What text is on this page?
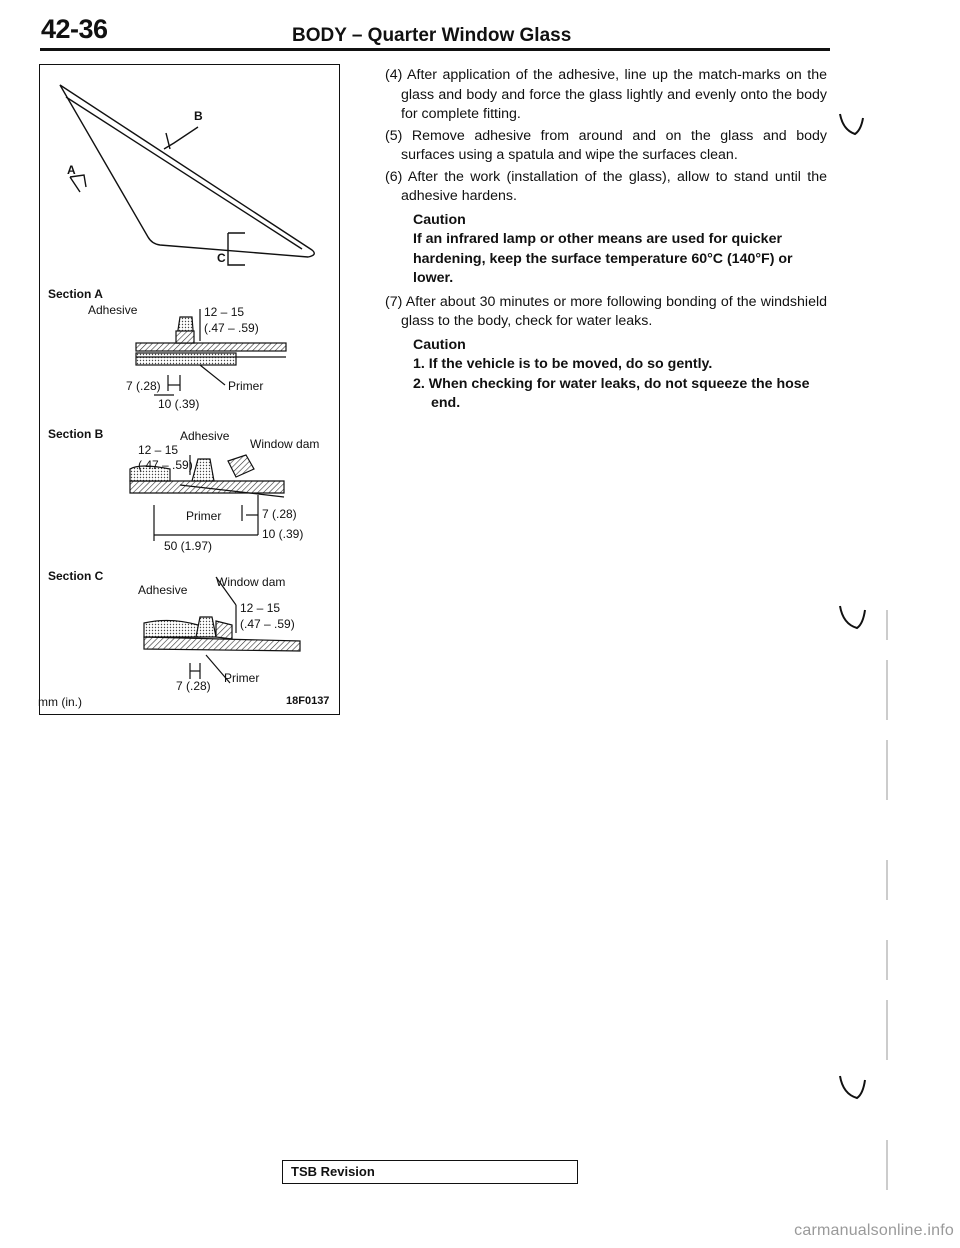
42-36	BODY – Quarter Window Glass
B
A
C
Section A
Adhesive	12 – 15
(.47 – .59)
7 (.28)	Primer
10 (.39)
Section B	Adhesive
Window dam
12 – 15
(.47 – .59)
Primer	7 (.28)
10 (.39)
50 (1.97)
Section C	Window dam
Adhesive
12 – 15
(.47 – .59)
7 (.28)
Primer
mm (in.)	18F0137

(4) After application of the adhesive, line up the match-marks on the glass and body and force the glass lightly and evenly onto the body for complete fitting.

(5) Remove adhesive from around and on the glass and body surfaces using a spatula and wipe the surfaces clean.

(6) After the work (installation of the glass), allow to stand until the adhesive hardens.

Caution
If an infrared lamp or other means are used for quicker hardening, keep the surface temperature 60°C (140°F) or lower.

(7) After about 30 minutes or more following bonding of the windshield glass to the body, check for water leaks.

Caution
1. If the vehicle is to be moved, do so gently.
2. When checking for water leaks, do not squeeze the hose end.
TSB Revision
carmanualsonline.info
